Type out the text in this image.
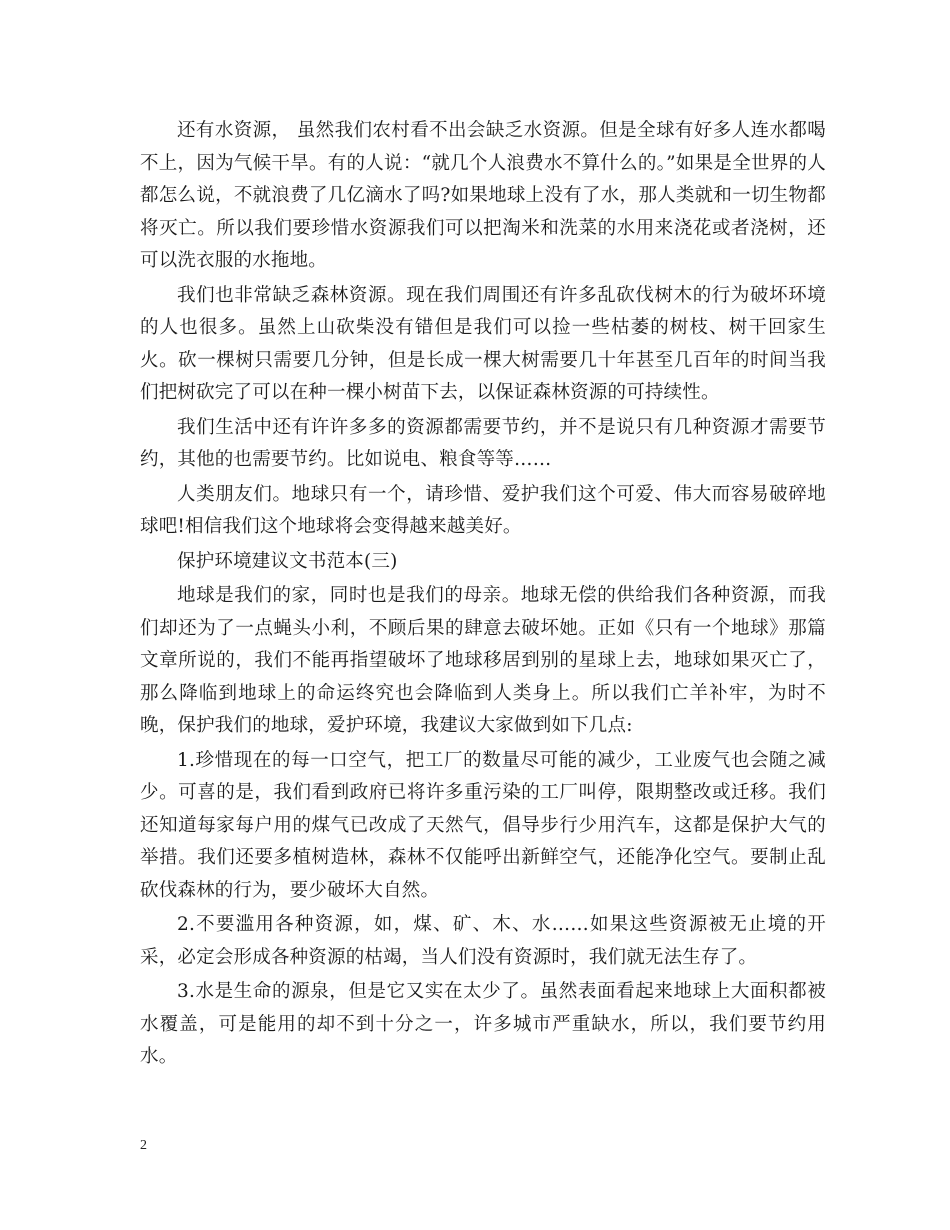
还有水资源， 虽然我们农村看不出会缺乏水资源。但是全球有好多人连水都喝不上，因为气候干旱。有的人说：“就几个人浪费水不算什么的。”如果是全世界的人都怎么说，不就浪费了几亿滴水了吗?如果地球上没有了水，那人类就和一切生物都将灭亡。所以我们要珍惜水资源我们可以把淘米和洗菜的水用来浇花或者浇树，还可以洗衣服的水拖地。

我们也非常缺乏森林资源。现在我们周围还有许多乱砍伐树木的行为破坏环境的人也很多。虽然上山砍柴没有错但是我们可以捡一些枯萎的树枝、树干回家生火。砍一棵树只需要几分钟，但是长成一棵大树需要几十年甚至几百年的时间当我们把树砍完了可以在种一棵小树苗下去，以保证森林资源的可持续性。

我们生活中还有许许多多的资源都需要节约，并不是说只有几种资源才需要节约，其他的也需要节约。比如说电、粮食等等……

人类朋友们。地球只有一个，请珍惜、爱护我们这个可爱、伟大而容易破碎地球吧!相信我们这个地球将会变得越来越美好。

保护环境建议文书范本(三)

地球是我们的家，同时也是我们的母亲。地球无偿的供给我们各种资源，而我们却还为了一点蝇头小利，不顾后果的肆意去破坏她。正如《只有一个地球》那篇文章所说的，我们不能再指望破坏了地球移居到别的星球上去，地球如果灭亡了，那么降临到地球上的命运终究也会降临到人类身上。所以我们亡羊补牢，为时不晚，保护我们的地球，爱护环境，我建议大家做到如下几点:

1.珍惜现在的每一口空气，把工厂的数量尽可能的减少，工业废气也会随之减少。可喜的是，我们看到政府已将许多重污染的工厂叫停，限期整改或迁移。我们还知道每家每户用的煤气已改成了天然气，倡导步行少用汽车，这都是保护大气的举措。我们还要多植树造林，森林不仅能呼出新鲜空气，还能净化空气。要制止乱砍伐森林的行为，要少破坏大自然。

2.不要滥用各种资源，如，煤、矿、木、水……如果这些资源被无止境的开采，必定会形成各种资源的枯竭，当人们没有资源时，我们就无法生存了。

3.水是生命的源泉，但是它又实在太少了。虽然表面看起来地球上大面积都被水覆盖，可是能用的却不到十分之一，许多城市严重缺水，所以，我们要节约用水。

2
